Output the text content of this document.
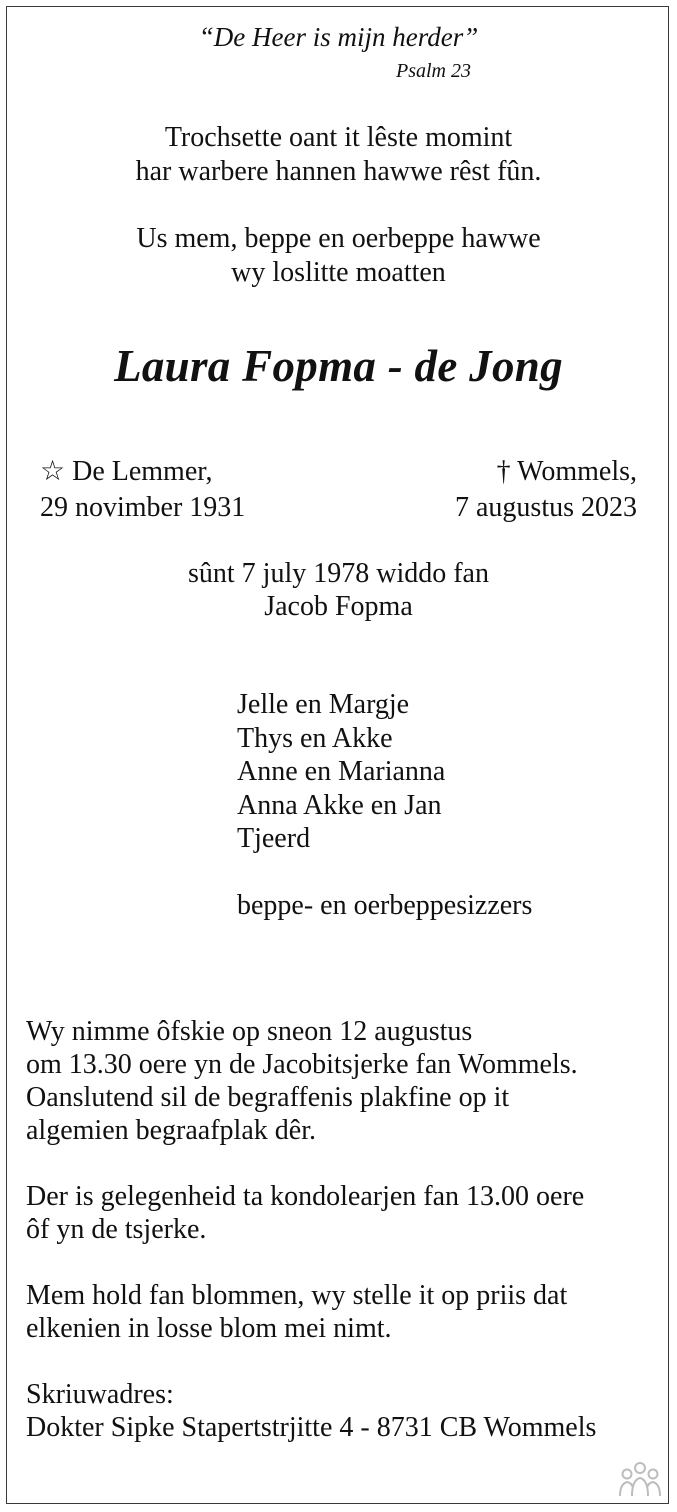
“De Heer is mijn herder”
Psalm 23
Trochsette oant it lêste momint
har warbere hannen hawwe rêst fûn.
Us mem, beppe en oerbeppe hawwe
wy loslitte moatten
Laura Fopma - de Jong
☆ De Lemmer,
29 novimber 1931
† Wommels,
7 augustus 2023
sûnt 7 july 1978 widdo fan
Jacob Fopma
Jelle en Margje
Thys en Akke
Anne en Marianna
Anna Akke en Jan
Tjeerd
beppe- en oerbeppesizzers
Wy nimme ôfskie op sneon 12 augustus
om 13.30 oere yn de Jacobitsjerke fan Wommels.
Oanslutend sil de begraffenis plakfine op it
algemien begraafplak dêr.
Der is gelegenheid ta kondolearjen fan 13.00 oere
ôf yn de tsjerke.
Mem hold fan blommen, wy stelle it op priis dat
elkenien in losse blom mei nimt.
Skriuwadres:
Dokter Sipke Stapertstrjitte 4 - 8731 CB Wommels
